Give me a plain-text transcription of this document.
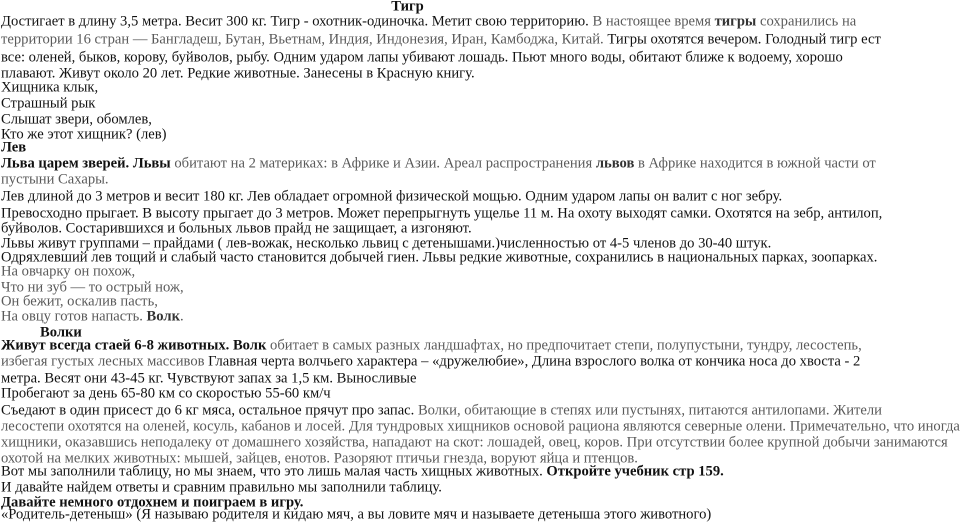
Тигр
Достигает в длину 3,5 метра. Весит 300 кг. Тигр - охотник-одиночка. Метит свою территорию. В настоящее время тигры сохранились на
территории 16 стран — Бангладеш, Бутан, Вьетнам, Индия, Индонезия, Иран, Камбоджа, Китай. Тигры охотятся вечером. Голодный тигр ест
все: оленей, быков, корову, буйволов, рыбу. Одним ударом лапы убивают лошадь. Пьют много воды, обитают ближе к водоему, хорошо
плавают. Живут около 20 лет. Редкие животные. Занесены в Красную книгу.
Хищника клык,
Страшный рык
Слышат звери, обомлев,
Кто же этот хищник? (лев)
Лев
Льва царем зверей. Львы обитают на 2 материках: в Африке и Азии. Ареал распространения львов в Африке находится в южной части от
пустыни Сахары.
Лев длиной до 3 метров и весит 180 кг. Лев обладает огромной физической мощью. Одним ударом лапы он валит с ног зебру.
Превосходно прыгает. В высоту прыгает до 3 метров. Может перепрыгнуть ущелье 11 м. На охоту выходят самки. Охотятся на зебр, антилоп,
буйволов. Состарившихся и больных львов прайд не защищает, а изгоняют.
Львы живут группами – прайдами ( лев-вожак, несколько львиц с детенышами.)численностью от 4-5 членов до 30-40 штук.
Одряхлевший лев тощий и слабый часто становится добычей гиен. Львы редкие животные, сохранились в национальных парках, зоопарках.
На овчарку он похож,
Что ни зуб — то острый нож,
Он бежит, оскалив пасть,
На овцу готов напасть. Волк.
Волки
Живут всегда стаей 6-8 животных. Волк обитает в самых разных ландшафтах, но предпочитает степи, полупустыни, тундру, лесостепь,
избегая густых лесных массивов Главная черта волчьего характера – «дружелюбие», Длина взрослого волка от кончика носа до хвоста - 2
метра. Весят они 43-45 кг. Чувствуют запах за 1,5 км. Выносливые
Пробегают за день 65-80 км со скоростью 55-60 км/ч
Съедают в один присест до 6 кг мяса, остальное прячут про запас. Волки, обитающие в степях или пустынях, питаются антилопами. Жители
лесостепи охотятся на оленей, косуль, кабанов и лосей. Для тундровых хищников основой рациона являются северные олени. Примечательно, что иногда
хищники, оказавшись неподалеку от домашнего хозяйства, нападают на скот: лошадей, овец, коров. При отсутствии более крупной добычи занимаются
охотой на мелких животных: мышей, зайцев, енотов. Разоряют птичьи гнезда, воруют яйца и птенцов.
Вот мы заполнили таблицу, но мы знаем, что это лишь малая часть хищных животных. Откройте учебник стр 159.
И давайте найдем ответы и сравним правильно мы заполнили таблицу.
Давайте немного отдохнем и поиграем в игру.
«Родитель-детеныш» (Я называю родителя и кидаю мяч, а вы ловите мяч и называете детеныша этого животного)
